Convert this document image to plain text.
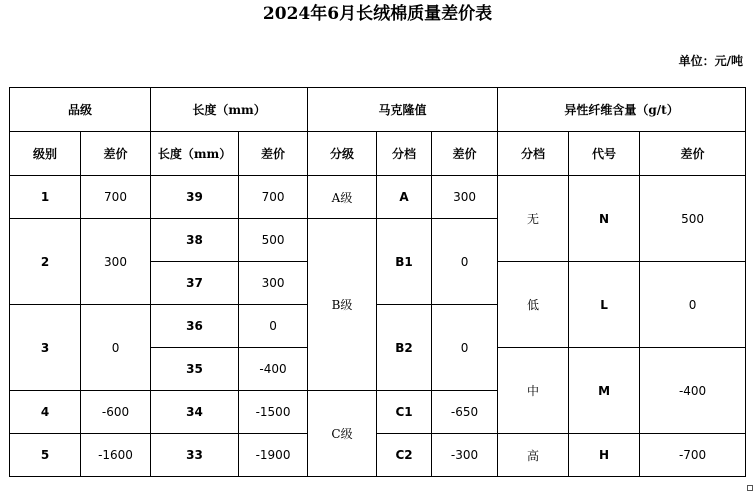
2024年6月长绒棉质量差价表
单位：元/吨
品级		长度（mm）		马克隆值			异性纤维含量（g/t）		
级别	差价	长度（mm）	差价	分级	分档	差价	分档	代号	差价
1	700	39	700	A级	A	300	无	N	500
2	300	38	500	B级	B1	0			
		37	300				低	L	0
3	0	36	0		B2	0			
		35	-400				中	M	-400
4	-600	34	-1500	C级	C1	-650			
5	-1600	33	-1900		C2	-300	高	H	-700
